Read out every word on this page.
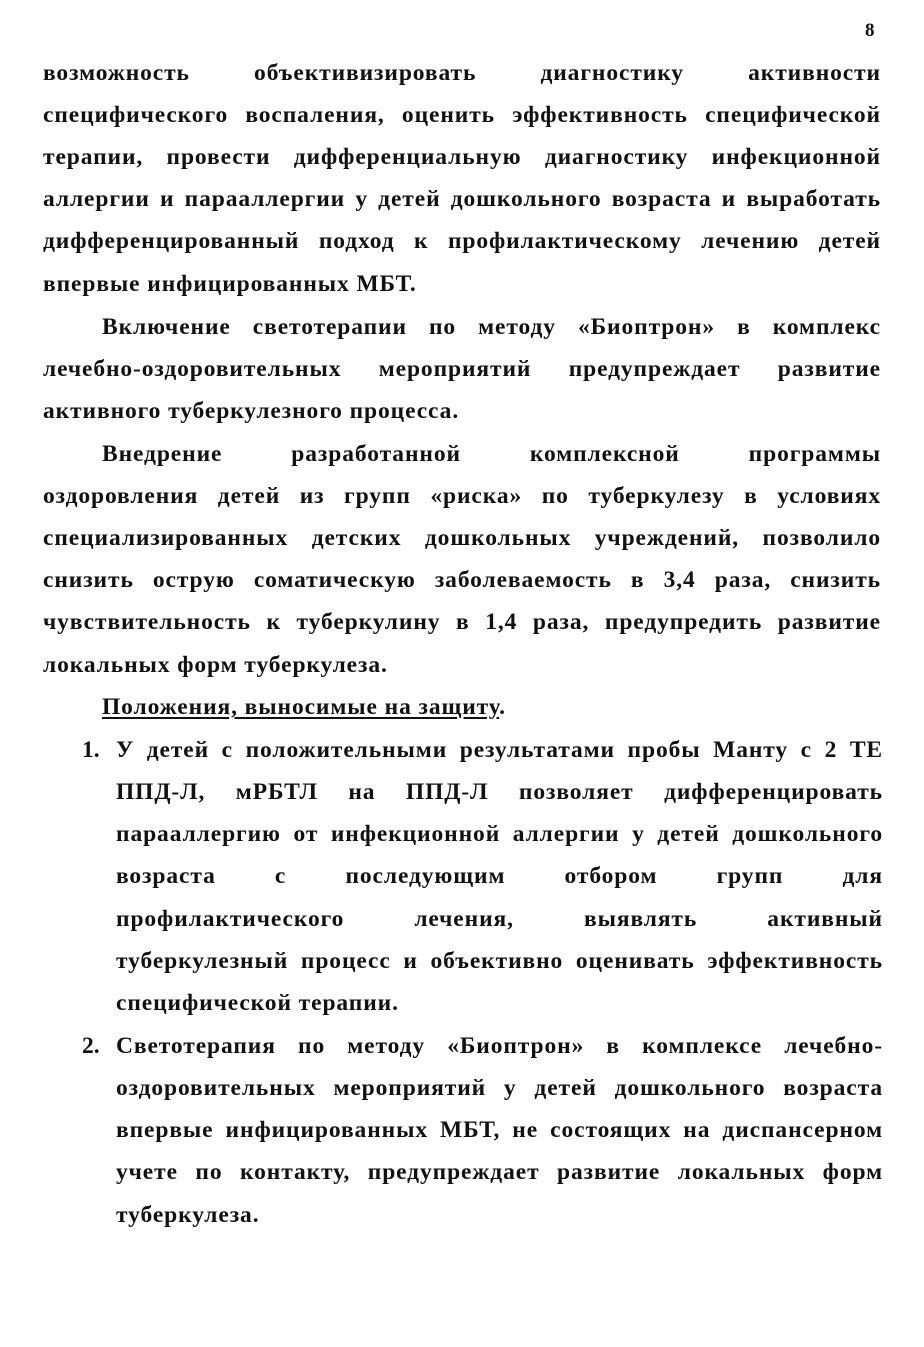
8
возможность объективизировать диагностику активности
специфического воспаления, оценить эффективность специфической
терапии, провести дифференциальную диагностику инфекционной
аллергии и парааллергии у детей дошкольного возраста и выработать
дифференцированный подход к профилактическому лечению детей
впервые инфицированных МБТ.
Включение светотерапии по методу «Биоптрон» в комплекс
лечебно-оздоровительных мероприятий предупреждает развитие
активного туберкулезного процесса.
Внедрение разработанной комплексной программы
оздоровления детей из групп «риска» по туберкулезу в условиях
специализированных детских дошкольных учреждений, позволило
снизить острую соматическую заболеваемость в 3,4 раза, снизить
чувствительность к туберкулину в 1,4 раза, предупредить развитие
локальных форм туберкулеза.
Положения, выносимые на защиту.
1. У детей с положительными результатами пробы Манту с 2 ТЕ
ППД-Л, мРБТЛ на ППД-Л позволяет дифференцировать
парааллергию от инфекционной аллергии у детей дошкольного
возраста с последующим отбором групп для
профилактического лечения, выявлять активный
туберкулезный процесс и объективно оценивать эффективность
специфической терапии.
2. Светотерапия по методу «Биоптрон» в комплексе лечебно-
оздоровительных мероприятий у детей дошкольного возраста
впервые инфицированных МБТ, не состоящих на диспансерном
учете по контакту, предупреждает развитие локальных форм
туберкулеза.
